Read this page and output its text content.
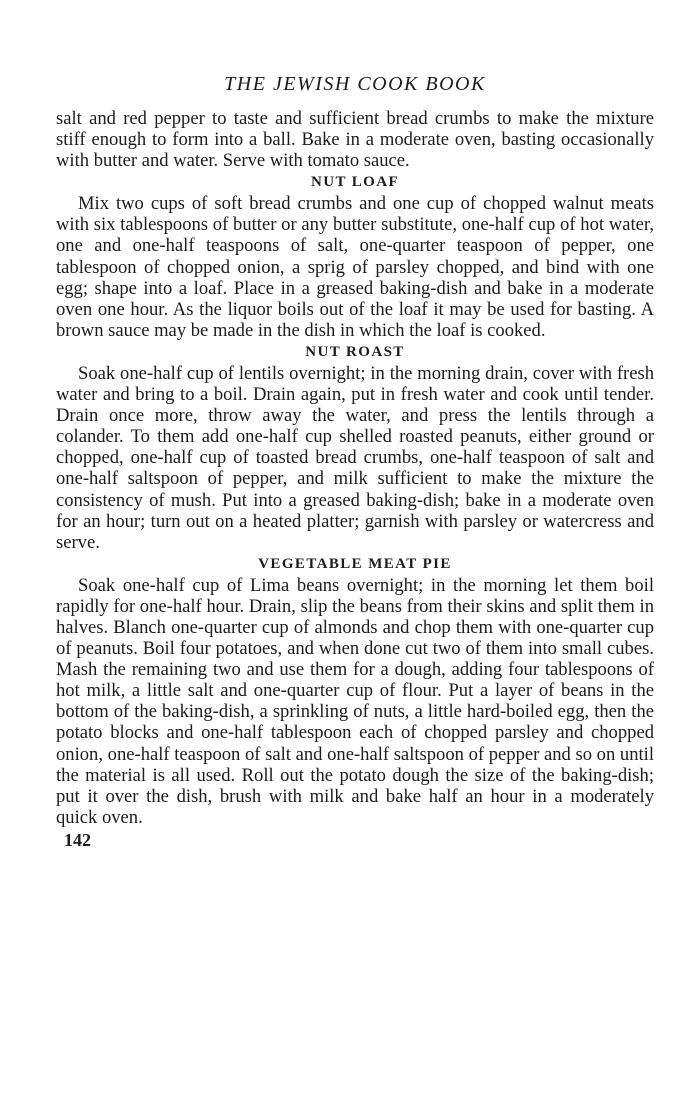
THE JEWISH COOK BOOK

salt and red pepper to taste and sufficient bread crumbs to make the mixture stiff enough to form into a ball. Bake in a moderate oven, basting occasionally with butter and water. Serve with tomato sauce.

NUT LOAF

Mix two cups of soft bread crumbs and one cup of chopped walnut meats with six tablespoons of butter or any butter substitute, one-half cup of hot water, one and one-half teaspoons of salt, one-quarter teaspoon of pepper, one tablespoon of chopped onion, a sprig of parsley chopped, and bind with one egg; shape into a loaf. Place in a greased baking-dish and bake in a moderate oven one hour. As the liquor boils out of the loaf it may be used for basting. A brown sauce may be made in the dish in which the loaf is cooked.

NUT ROAST

Soak one-half cup of lentils overnight; in the morning drain, cover with fresh water and bring to a boil. Drain again, put in fresh water and cook until tender. Drain once more, throw away the water, and press the lentils through a colander. To them add one-half cup shelled roasted peanuts, either ground or chopped, one-half cup of toasted bread crumbs, one-half teaspoon of salt and one-half saltspoon of pepper, and milk sufficient to make the mixture the consistency of mush. Put into a greased baking-dish; bake in a moderate oven for an hour; turn out on a heated platter; garnish with parsley or watercress and serve.

VEGETABLE MEAT PIE

Soak one-half cup of Lima beans overnight; in the morning let them boil rapidly for one-half hour. Drain, slip the beans from their skins and split them in halves. Blanch one-quarter cup of almonds and chop them with one-quarter cup of peanuts. Boil four potatoes, and when done cut two of them into small cubes. Mash the remaining two and use them for a dough, adding four tablespoons of hot milk, a little salt and one-quarter cup of flour. Put a layer of beans in the bottom of the baking-dish, a sprinkling of nuts, a little hard-boiled egg, then the potato blocks and one-half tablespoon each of chopped parsley and chopped onion, one-half teaspoon of salt and one-half saltspoon of pepper and so on until the material is all used. Roll out the potato dough the size of the baking-dish; put it over the dish, brush with milk and bake half an hour in a moderately quick oven.

142
